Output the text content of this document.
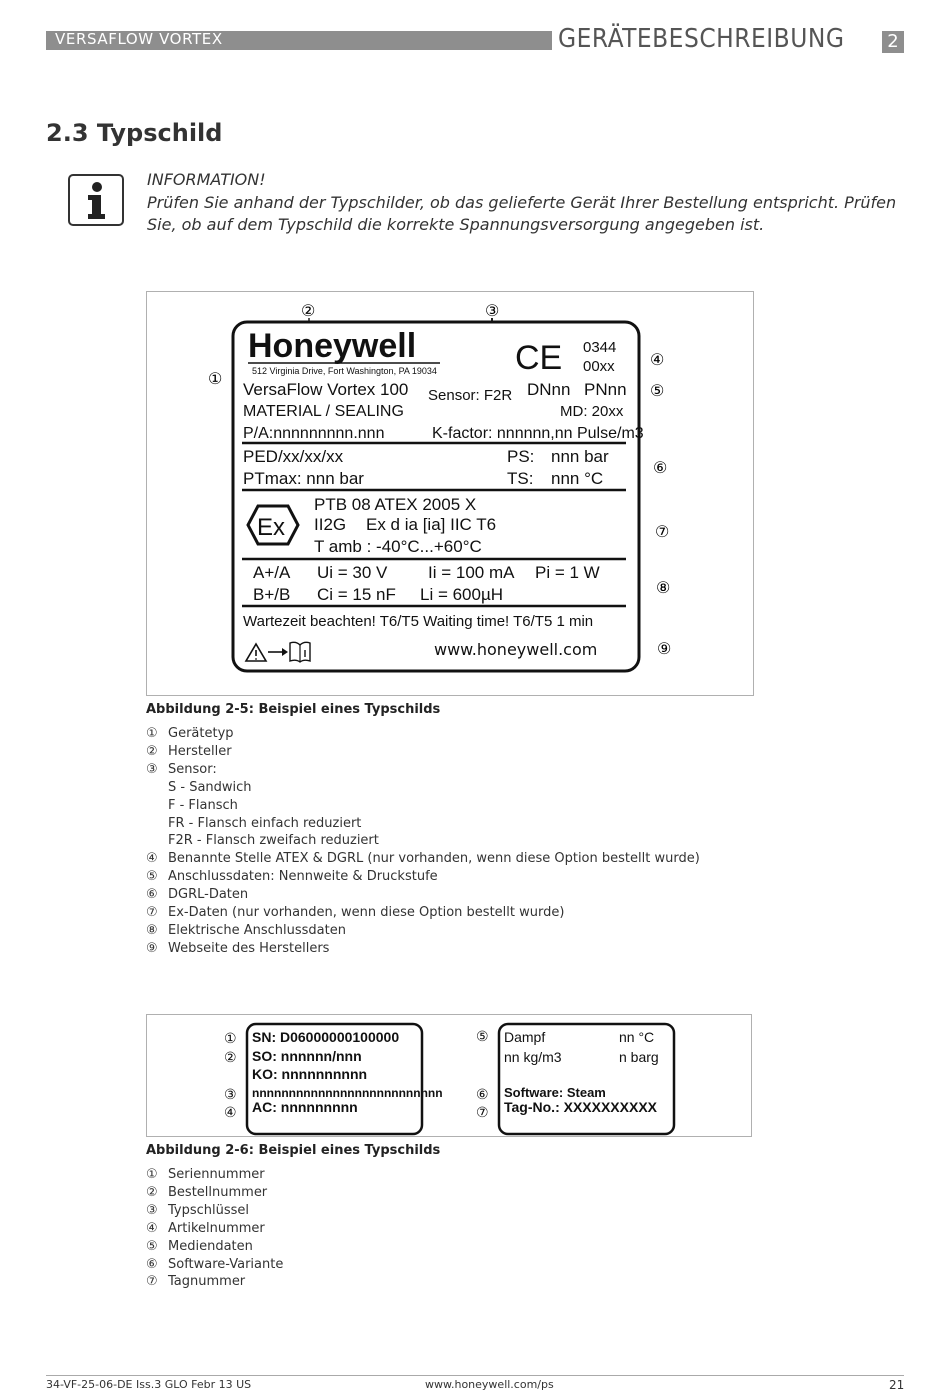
VERSAFLOW VORTEX	GERÄTEBESCHREIBUNG 2
2.3 Typschild
INFORMATION!
Prüfen Sie anhand der Typschilder, ob das gelieferte Gerät Ihrer Bestellung entspricht. Prüfen Sie, ob auf dem Typschild die korrekte Spannungsversorgung angegeben ist.
①
②	③
④
⑤
⑥
⑦
⑧
⑨
Honeywell
512 Virginia Drive, Fort Washington, PA 19034 CE 0344
00xx
VersaFlow Vortex 100 Sensor: F2R DNnn PNnn
MATERIAL / SEALING	MD: 20xx
P/A:nnnnnnnnn.nnn	K-factor: nnnnnn,nn Pulse/m3
PED/xx/xx/xx	PS: nnn bar
PTmax: nnn bar	TS: nnn °C
Ex
PTB 08 ATEX 2005 X
II2G Ex d ia [ia] IIC T6
T amb : -40°C...+60°C
A+/A Ui = 30 V Ii = 100 mA Pi = 1 W
B+/B Ci = 15 nF Li = 600µH
Wartezeit beachten! T6/T5 Waiting time! T6/T5 1 min
www.honeywell.com
Abbildung 2-5: Beispiel eines Typschilds
① Gerätetyp
② Hersteller
③ Sensor:
S - Sandwich
F - Flansch
FR - Flansch einfach reduziert
F2R - Flansch zweifach reduziert
④ Benannte Stelle ATEX & DGRL (nur vorhanden, wenn diese Option bestellt wurde)
⑤ Anschlussdaten: Nennweite & Druckstufe
⑥ DGRL-Daten
⑦ Ex-Daten (nur vorhanden, wenn diese Option bestellt wurde)
⑧ Elektrische Anschlussdaten
⑨ Webseite des Herstellers
①
②
③
④
SN: D06000000100000
SO: nnnnnn/nnn
KO: nnnnnnnnnn
nnnnnnnnnnnnnnnnnnnnnnnnnn
AC: nnnnnnnnn
⑤
⑥
⑦
Dampf	nn °C
nn kg/m3	n barg
Software: Steam
Tag-No.: XXXXXXXXXX
Abbildung 2-6: Beispiel eines Typschilds
① Seriennummer
② Bestellnummer
③ Typschlüssel
④ Artikelnummer
⑤ Mediendaten
⑥ Software-Variante
⑦ Tagnummer
34-VF-25-06-DE Iss.3 GLO Febr 13 US	www.honeywell.com/ps	21
